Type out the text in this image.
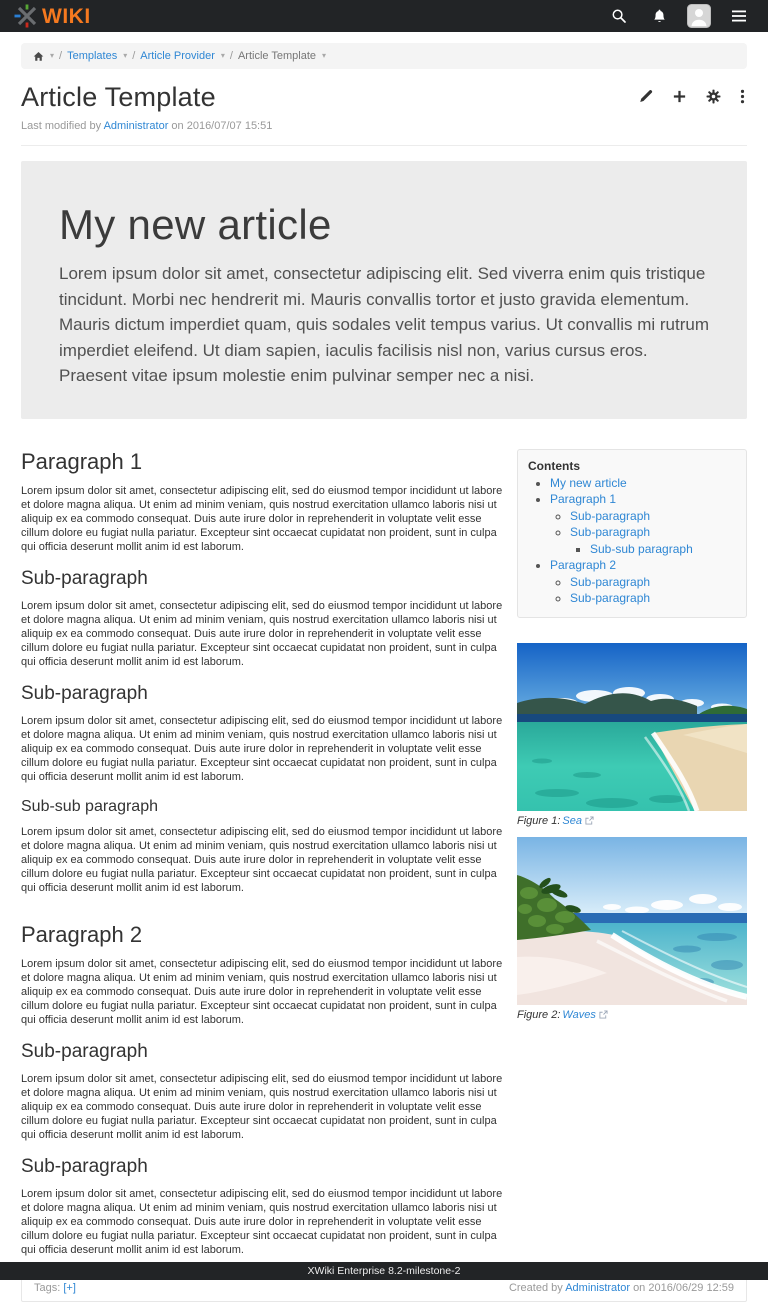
WIKI
▾ / Templates ▾ / Article Provider ▾ / Article Template ▾
Article Template
Last modified by Administrator on 2016/07/07 15:51
My new article

Lorem ipsum dolor sit amet, consectetur adipiscing elit. Sed viverra enim quis tristique tincidunt. Morbi nec hendrerit mi. Mauris convallis tortor et justo gravida elementum. Mauris dictum imperdiet quam, quis sodales velit tempus varius. Ut convallis mi rutrum imperdiet eleifend. Ut diam sapien, iaculis facilisis nisl non, varius cursus eros. Praesent vitae ipsum molestie enim pulvinar semper nec a nisi.

Paragraph 1

Lorem ipsum dolor sit amet, consectetur adipiscing elit, sed do eiusmod tempor incididunt ut labore et dolore magna aliqua. Ut enim ad minim veniam, quis nostrud exercitation ullamco laboris nisi ut aliquip ex ea commodo consequat. Duis aute irure dolor in reprehenderit in voluptate velit esse cillum dolore eu fugiat nulla pariatur. Excepteur sint occaecat cupidatat non proident, sunt in culpa qui officia deserunt mollit anim id est laborum.

Sub-paragraph

Lorem ipsum dolor sit amet, consectetur adipiscing elit, sed do eiusmod tempor incididunt ut labore et dolore magna aliqua. Ut enim ad minim veniam, quis nostrud exercitation ullamco laboris nisi ut aliquip ex ea commodo consequat. Duis aute irure dolor in reprehenderit in voluptate velit esse cillum dolore eu fugiat nulla pariatur. Excepteur sint occaecat cupidatat non proident, sunt in culpa qui officia deserunt mollit anim id est laborum.

Sub-paragraph

Lorem ipsum dolor sit amet, consectetur adipiscing elit, sed do eiusmod tempor incididunt ut labore et dolore magna aliqua. Ut enim ad minim veniam, quis nostrud exercitation ullamco laboris nisi ut aliquip ex ea commodo consequat. Duis aute irure dolor in reprehenderit in voluptate velit esse cillum dolore eu fugiat nulla pariatur. Excepteur sint occaecat cupidatat non proident, sunt in culpa qui officia deserunt mollit anim id est laborum.

Sub-sub paragraph

Lorem ipsum dolor sit amet, consectetur adipiscing elit, sed do eiusmod tempor incididunt ut labore et dolore magna aliqua. Ut enim ad minim veniam, quis nostrud exercitation ullamco laboris nisi ut aliquip ex ea commodo consequat. Duis aute irure dolor in reprehenderit in voluptate velit esse cillum dolore eu fugiat nulla pariatur. Excepteur sint occaecat cupidatat non proident, sunt in culpa qui officia deserunt mollit anim id est laborum.

Paragraph 2

Lorem ipsum dolor sit amet, consectetur adipiscing elit, sed do eiusmod tempor incididunt ut labore et dolore magna aliqua. Ut enim ad minim veniam, quis nostrud exercitation ullamco laboris nisi ut aliquip ex ea commodo consequat. Duis aute irure dolor in reprehenderit in voluptate velit esse cillum dolore eu fugiat nulla pariatur. Excepteur sint occaecat cupidatat non proident, sunt in culpa qui officia deserunt mollit anim id est laborum.

Sub-paragraph

Lorem ipsum dolor sit amet, consectetur adipiscing elit, sed do eiusmod tempor incididunt ut labore et dolore magna aliqua. Ut enim ad minim veniam, quis nostrud exercitation ullamco laboris nisi ut aliquip ex ea commodo consequat. Duis aute irure dolor in reprehenderit in voluptate velit esse cillum dolore eu fugiat nulla pariatur. Excepteur sint occaecat cupidatat non proident, sunt in culpa qui officia deserunt mollit anim id est laborum.

Sub-paragraph

Lorem ipsum dolor sit amet, consectetur adipiscing elit, sed do eiusmod tempor incididunt ut labore et dolore magna aliqua. Ut enim ad minim veniam, quis nostrud exercitation ullamco laboris nisi ut aliquip ex ea commodo consequat. Duis aute irure dolor in reprehenderit in voluptate velit esse cillum dolore eu fugiat nulla pariatur. Excepteur sint occaecat cupidatat non proident, sunt in culpa qui officia deserunt mollit anim id est laborum.

Contents
• My new article
• Paragraph 1
◦ Sub-paragraph
◦ Sub-paragraph
▪ Sub-sub paragraph
• Paragraph 2
◦ Sub-paragraph
◦ Sub-paragraph

Figure 1: Sea

Figure 2: Waves

Tags: [+]	Created by Administrator on 2016/06/29 12:59
XWiki Enterprise 8.2-milestone-2
